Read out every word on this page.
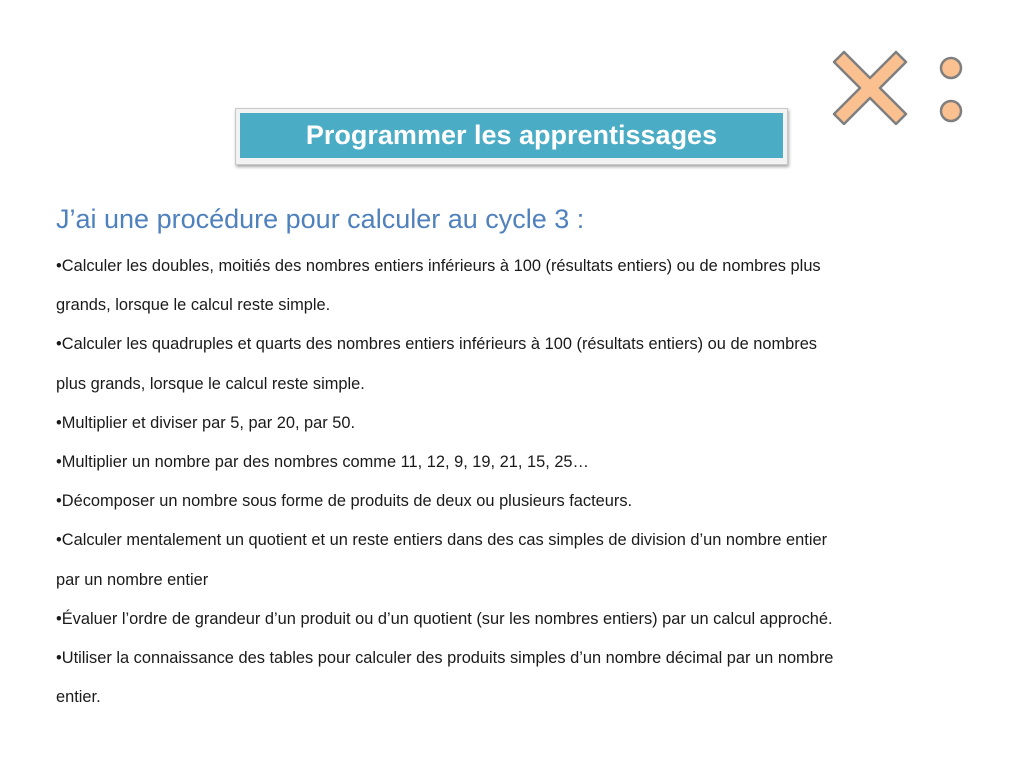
Programmer les apprentissages
J’ai une procédure pour calculer au cycle 3 :
•Calculer les doubles, moitiés des nombres entiers inférieurs à 100 (résultats entiers) ou de nombres plus
grands, lorsque le calcul reste simple.
•Calculer les quadruples et quarts des nombres entiers inférieurs à 100 (résultats entiers) ou de nombres
plus grands, lorsque le calcul reste simple.
•Multiplier et diviser par 5, par 20, par 50.
•Multiplier un nombre par des nombres comme 11, 12, 9, 19, 21, 15, 25…
•Décomposer un nombre sous forme de produits de deux ou plusieurs facteurs.
•Calculer mentalement un quotient et un reste entiers dans des cas simples de division d’un nombre entier
par un nombre entier
•Évaluer l’ordre de grandeur d’un produit ou d’un quotient (sur les nombres entiers) par un calcul approché.
•Utiliser la connaissance des tables pour calculer des produits simples d’un nombre décimal par un nombre
entier.
